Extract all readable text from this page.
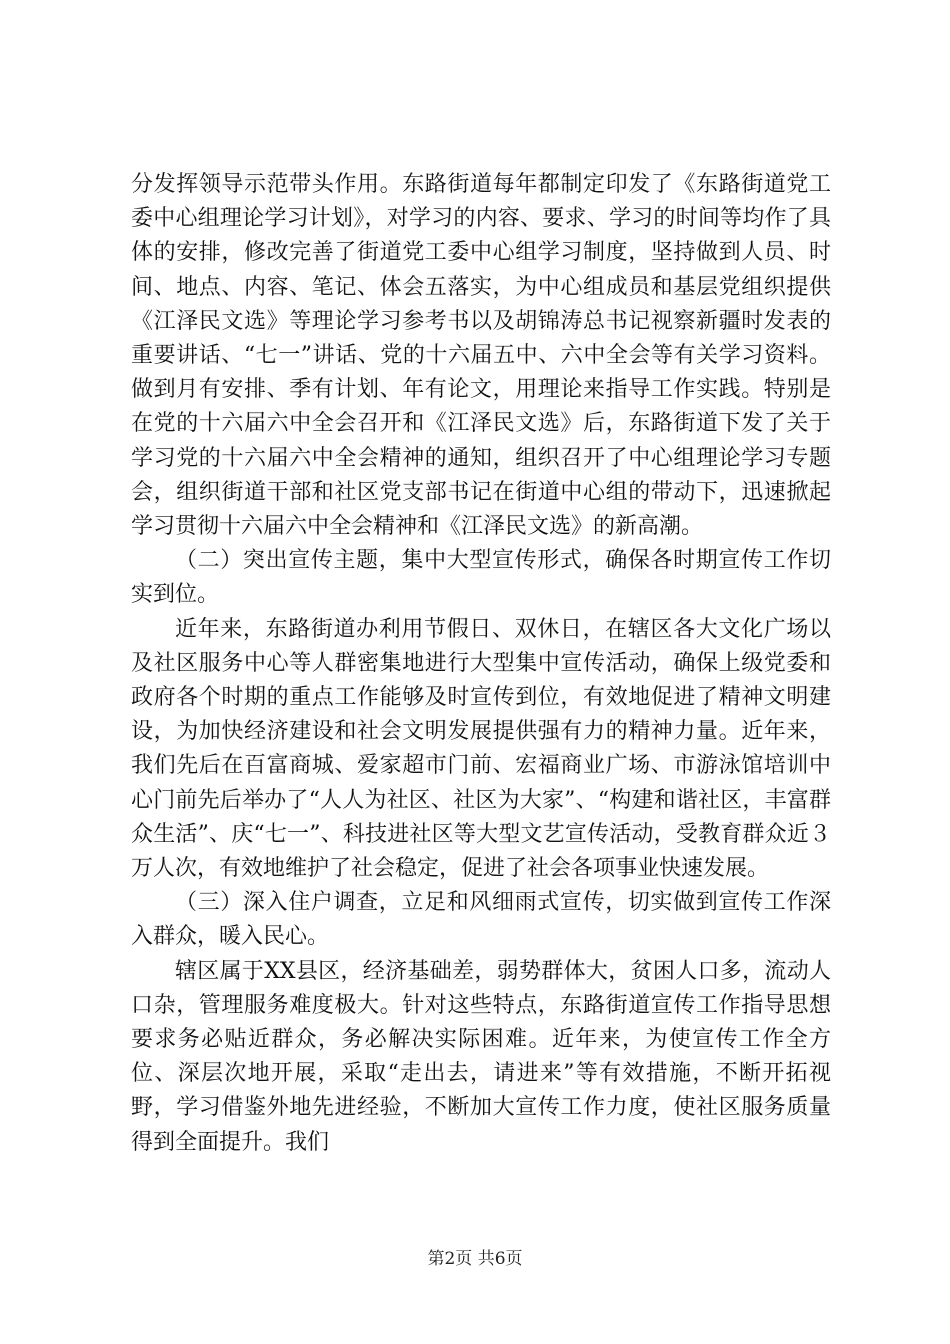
分发挥领导示范带头作用。东路街道每年都制定印发了《东路街道党工委中心组理论学习计划》，对学习的内容、要求、学习的时间等均作了具体的安排，修改完善了街道党工委中心组学习制度，坚持做到人员、时间、地点、内容、笔记、体会五落实，为中心组成员和基层党组织提供《江泽民文选》等理论学习参考书以及胡锦涛总书记视察新疆时发表的重要讲话、“七一”讲话、党的十六届五中、六中全会等有关学习资料。做到月有安排、季有计划、年有论文，用理论来指导工作实践。特别是在党的十六届六中全会召开和《江泽民文选》后，东路街道下发了关于学习党的十六届六中全会精神的通知，组织召开了中心组理论学习专题会，组织街道干部和社区党支部书记在街道中心组的带动下，迅速掀起学习贯彻十六届六中全会精神和《江泽民文选》的新高潮。

（二）突出宣传主题，集中大型宣传形式，确保各时期宣传工作切实到位。

近年来，东路街道办利用节假日、双休日，在辖区各大文化广场以及社区服务中心等人群密集地进行大型集中宣传活动，确保上级党委和政府各个时期的重点工作能够及时宣传到位，有效地促进了精神文明建设，为加快经济建设和社会文明发展提供强有力的精神力量。近年来，我们先后在百富商城、爱家超市门前、宏福商业广场、市游泳馆培训中心门前先后举办了“人人为社区、社区为大家”、“构建和谐社区，丰富群众生活”、庆“七一”、科技进社区等大型文艺宣传活动，受教育群众近３万人次，有效地维护了社会稳定，促进了社会各项事业快速发展。

（三）深入住户调查，立足和风细雨式宣传，切实做到宣传工作深入群众，暖入民心。

辖区属于XX县区，经济基础差，弱势群体大，贫困人口多，流动人口杂，管理服务难度极大。针对这些特点，东路街道宣传工作指导思想要求务必贴近群众，务必解决实际困难。近年来，为使宣传工作全方位、深层次地开展，采取“走出去，请进来”等有效措施，不断开拓视野，学习借鉴外地先进经验，不断加大宣传工作力度，使社区服务质量得到全面提升。我们

第2页 共6页
